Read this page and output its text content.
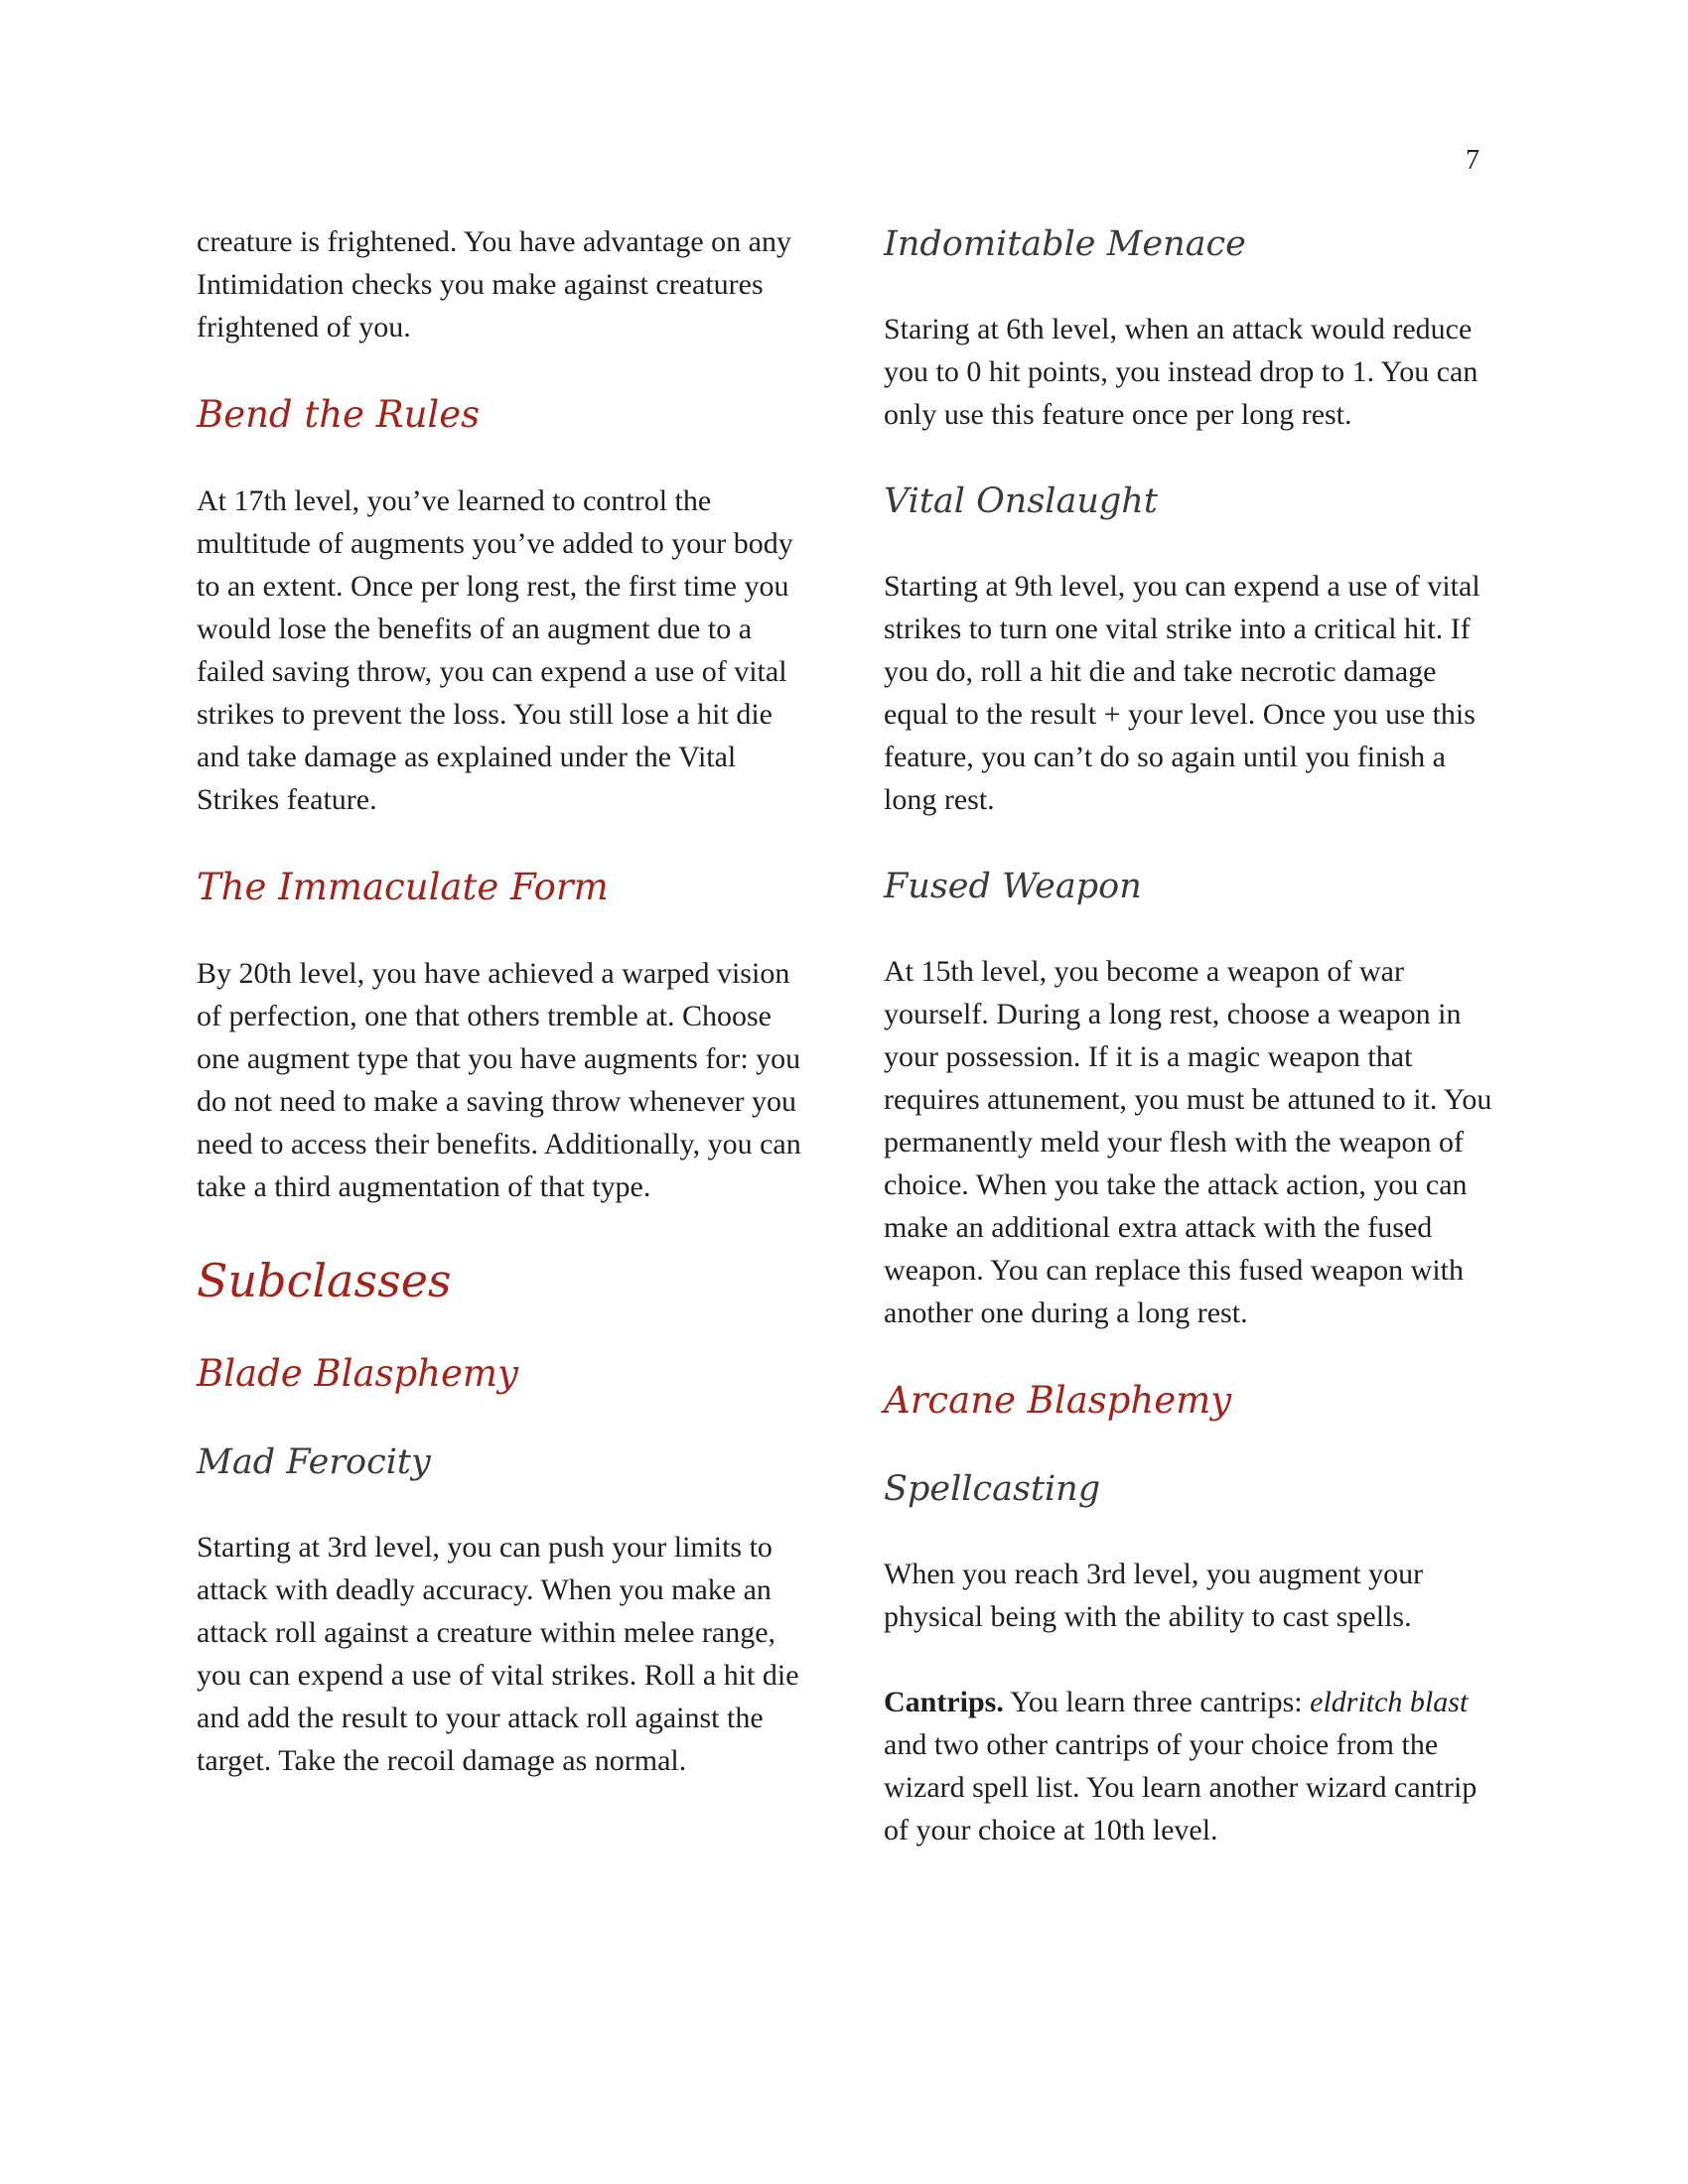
7

creature is frightened. You have advantage on any Intimidation checks you make against creatures frightened of you.

Bend the Rules

At 17th level, you’ve learned to control the multitude of augments you’ve added to your body to an extent. Once per long rest, the first time you would lose the benefits of an augment due to a failed saving throw, you can expend a use of vital strikes to prevent the loss. You still lose a hit die and take damage as explained under the Vital Strikes feature.

The Immaculate Form

By 20th level, you have achieved a warped vision of perfection, one that others tremble at. Choose one augment type that you have augments for: you do not need to make a saving throw whenever you need to access their benefits. Additionally, you can take a third augmentation of that type.

Subclasses
Blade Blasphemy
Mad Ferocity

Starting at 3rd level, you can push your limits to attack with deadly accuracy. When you make an attack roll against a creature within melee range, you can expend a use of vital strikes. Roll a hit die and add the result to your attack roll against the target. Take the recoil damage as normal.

Indomitable Menace

Staring at 6th level, when an attack would reduce you to 0 hit points, you instead drop to 1. You can only use this feature once per long rest.

Vital Onslaught

Starting at 9th level, you can expend a use of vital strikes to turn one vital strike into a critical hit. If you do, roll a hit die and take necrotic damage equal to the result + your level. Once you use this feature, you can’t do so again until you finish a long rest.

Fused Weapon

At 15th level, you become a weapon of war yourself. During a long rest, choose a weapon in your possession. If it is a magic weapon that requires attunement, you must be attuned to it. You permanently meld your flesh with the weapon of choice. When you take the attack action, you can make an additional extra attack with the fused weapon. You can replace this fused weapon with another one during a long rest.

Arcane Blasphemy
Spellcasting

When you reach 3rd level, you augment your physical being with the ability to cast spells.

Cantrips. You learn three cantrips: eldritch blast and two other cantrips of your choice from the wizard spell list. You learn another wizard cantrip of your choice at 10th level.
